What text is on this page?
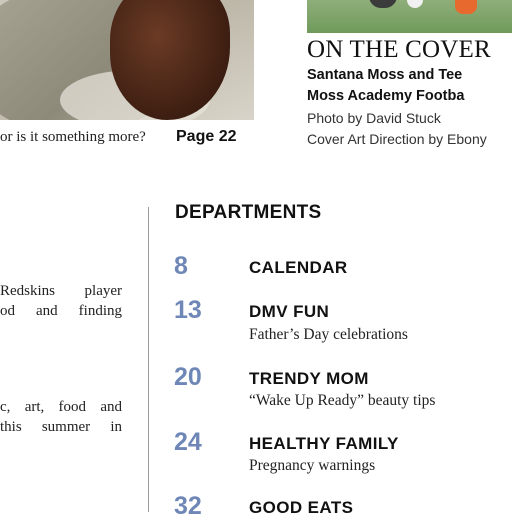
ON THE COVER
Santana Moss and Tee
Moss Academy Footba
Photo by David Stuck
Cover Art Direction by Ebony
or is it something more? Page 22
Redskins player
od and finding
c, art, food and
this summer in
DEPARTMENTS
8	CALENDAR
13	DMV FUN
Father’s Day celebrations
20	TRENDY MOM
“Wake Up Ready” beauty tips
24	HEALTHY FAMILY
Pregnancy warnings
32	GOOD EATS
